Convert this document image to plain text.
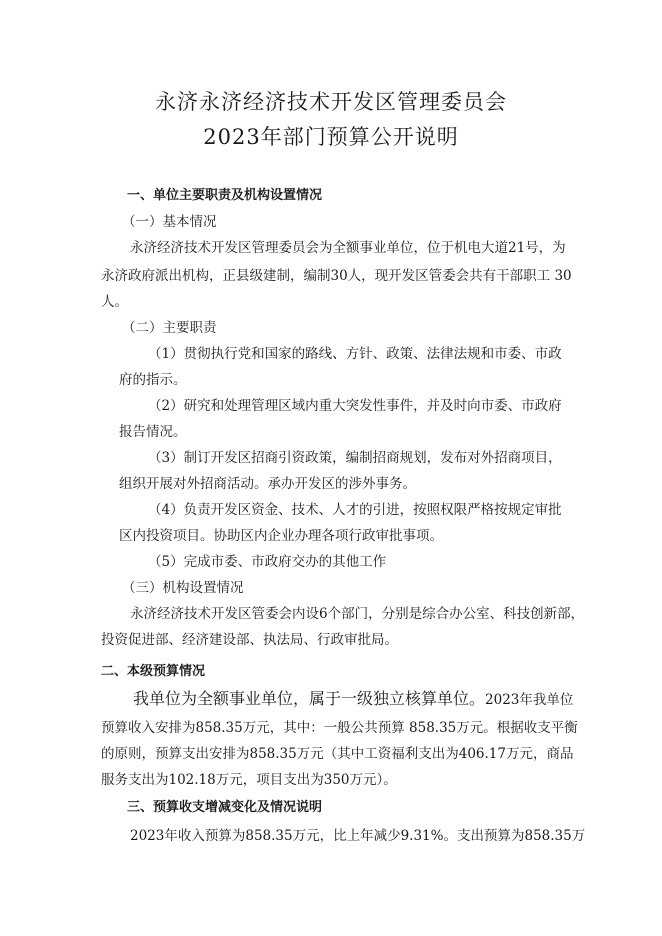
永济永济经济技术开发区管理委员会
2023年部门预算公开说明
一、单位主要职责及机构设置情况
（一）基本情况
永济经济技术开发区管理委员会为全额事业单位，位于机电大道21号，为
永济政府派出机构，正县级建制，编制30人，现开发区管委会共有干部职工 30
人。
（二）主要职责
（1）贯彻执行党和国家的路线、方针、政策、法律法规和市委、市政
府的指示。
（2）研究和处理管理区域内重大突发性事件，并及时向市委、市政府
报告情况。
（3）制订开发区招商引资政策，编制招商规划，发布对外招商项目，
组织开展对外招商活动。承办开发区的涉外事务。
（4）负责开发区资金、技术、人才的引进，按照权限严格按规定审批
区内投资项目。协助区内企业办理各项行政审批事项。
（5）完成市委、市政府交办的其他工作
（三）机构设置情况
永济经济技术开发区管委会内设6个部门，分别是综合办公室、科技创新部，
投资促进部、经济建设部、执法局、行政审批局。
二、本级预算情况
我单位为全额事业单位，属于一级独立核算单位。2023年我单位
预算收入安排为858.35万元，其中：一般公共预算 858.35万元。根据收支平衡
的原则，预算支出安排为858.35万元（其中工资福利支出为406.17万元，商品
服务支出为102.18万元，项目支出为350万元）。
三、预算收支增减变化及情况说明
2023年收入预算为858.35万元，比上年减少9.31%。支出预算为858.35万
